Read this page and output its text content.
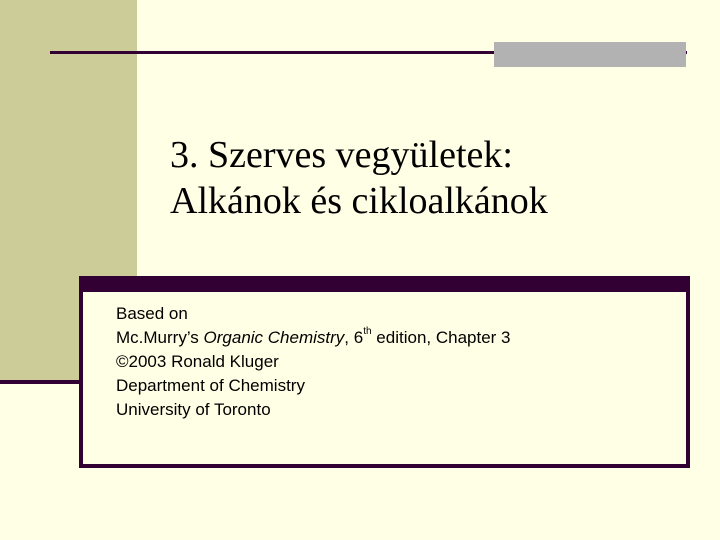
3. Szerves vegyületek:
Alkánok és cikloalkánok
Based on
Mc.Murry’s Organic Chemistry, 6th edition, Chapter 3
©2003 Ronald Kluger
Department of Chemistry
University of Toronto
